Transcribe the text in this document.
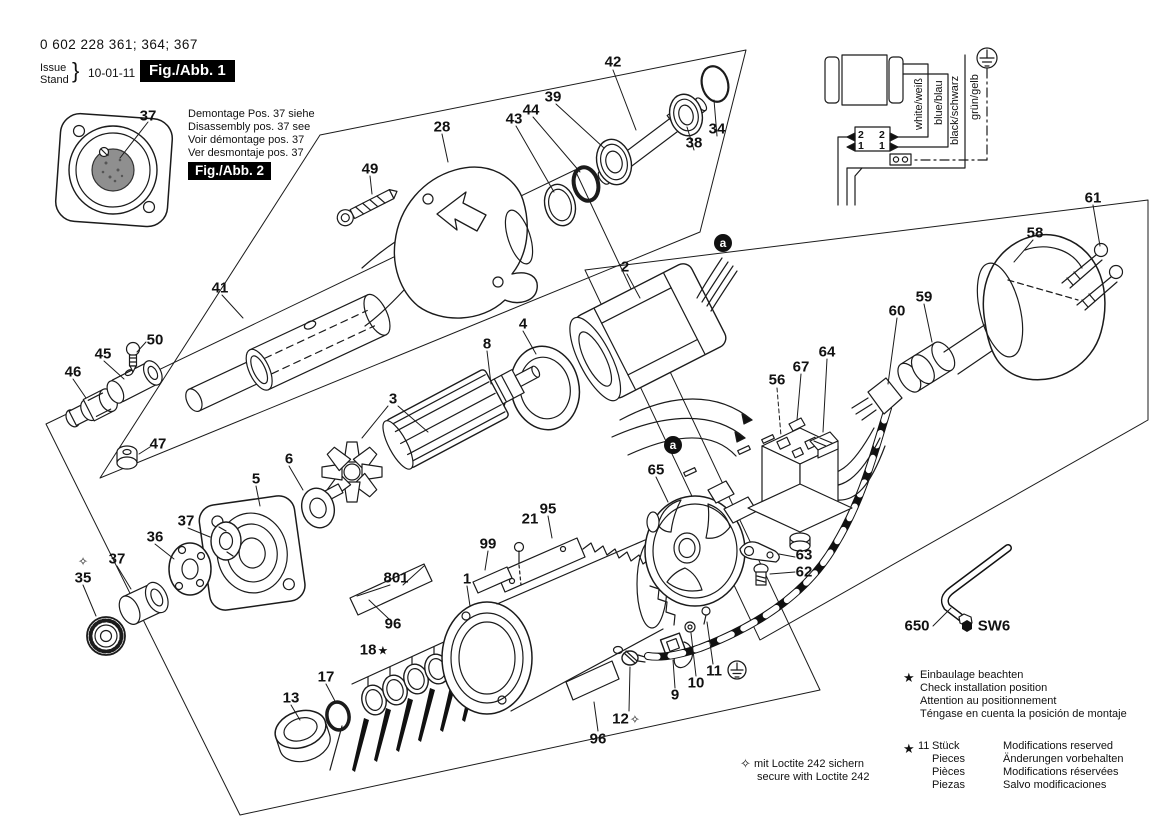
0 602 228 361; 364; 367
Issue
Stand } 10-01-11 Fig./Abb. 1
Demontage Pos. 37 siehe
Disassembly pos. 37 see
Voir démontage pos. 37
Ver desmontaje pos. 37
Fig./Abb. 2
white/weiß blue/blau black/schwarz grün/gelb
2 2
1 1
★ Einbaulage beachten
Check installation position
Attention au positionnement
Téngase en cuenta la posición de montaje
★ 11 Stück
Pieces
Pièces
Piezas
Modifications reserved
Änderungen vorbehalten
Modifications réservées
Salvo modificaciones
✧ mit Loctite 242 sichern
secure with Loctite 242
37
42
39
44
43
38
34
28
49
61
58
59
60
41
2
a
50
45
46
4
8
3
47
64
67
56
a
65
6
5
95
21
37
36	99
37
✧
35	801	1
63
62
96
18★
17
13	9
10
11
12✧
96
650	SW6
